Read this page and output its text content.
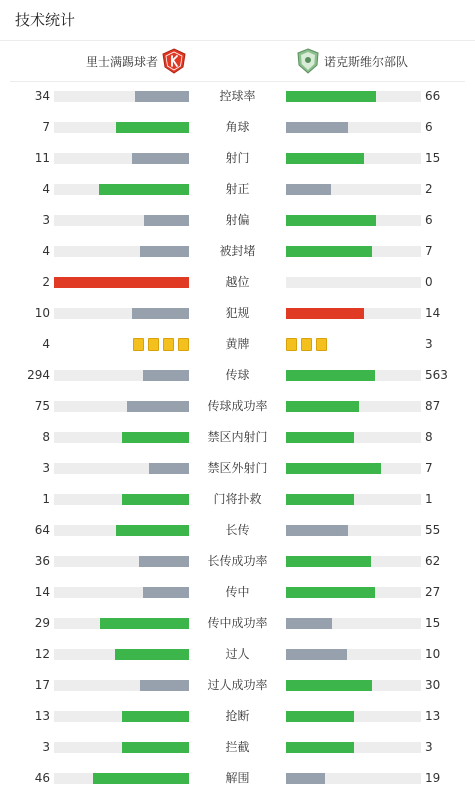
技术统计
里士满踢球者	诺克斯维尔部队
34	控球率	66
7	角球	6
11	射门	15
4	射正	2
3	射偏	6
4	被封堵	7
2	越位	0
10	犯规	14
4	黄牌	3
294	传球	563
75	传球成功率	87
8	禁区内射门	8
3	禁区外射门	7
1	门将扑救	1
64	长传	55
36	长传成功率	62
14	传中	27
29	传中成功率	15
12	过人	10
17	过人成功率	30
13	抢断	13
3	拦截	3
46	解围	19
